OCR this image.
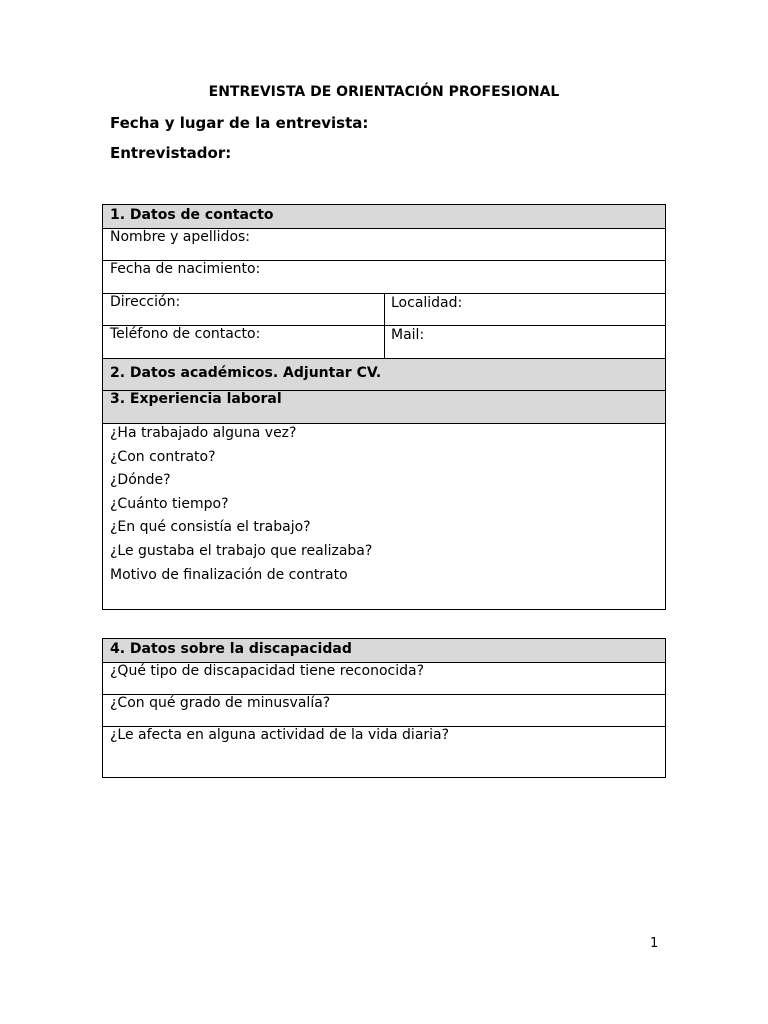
ENTREVISTA DE ORIENTACIÓN PROFESIONAL
Fecha y lugar de la entrevista:
Entrevistador:
1. Datos de contacto
Nombre y apellidos:
Fecha de nacimiento:
Dirección:	Localidad:
Teléfono de contacto:	Mail:
2. Datos académicos. Adjuntar CV.
3. Experiencia laboral
¿Ha trabajado alguna vez?
¿Con contrato?
¿Dónde?
¿Cuánto tiempo?
¿En qué consistía el trabajo?
¿Le gustaba el trabajo que realizaba?
Motivo de finalización de contrato
4. Datos sobre la discapacidad
¿Qué tipo de discapacidad tiene reconocida?
¿Con qué grado de minusvalía?
¿Le afecta en alguna actividad de la vida diaria?
1
